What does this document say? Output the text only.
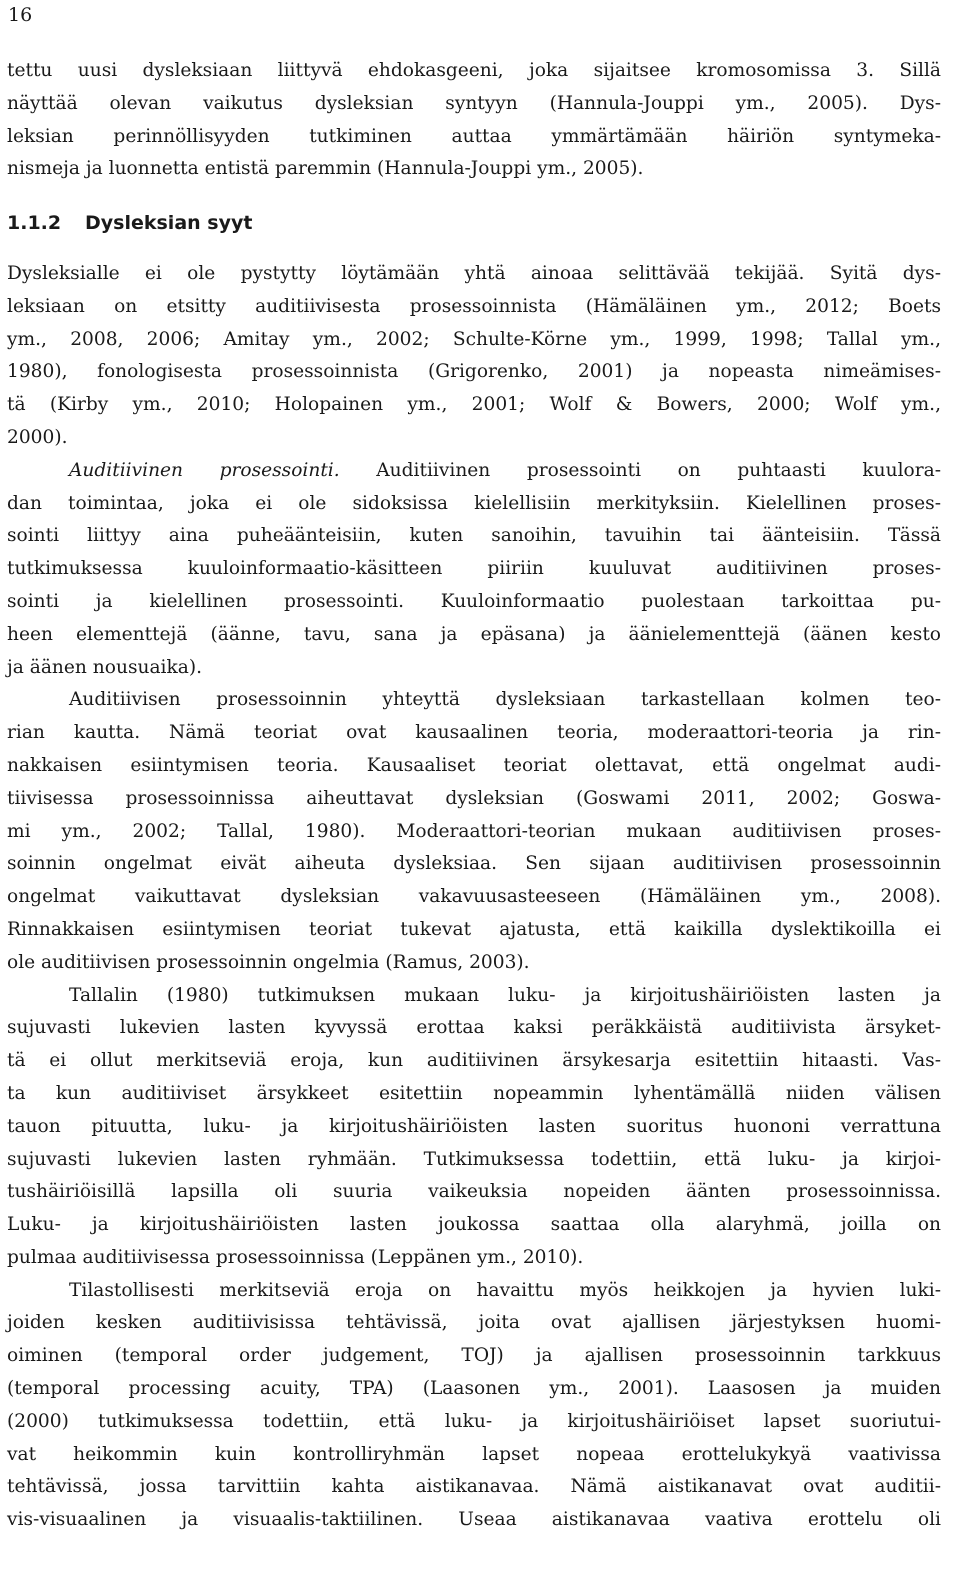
16

tettu uusi dysleksiaan liittyvä ehdokasgeeni, joka sijaitsee kromosomissa 3. Sillä
näyttää olevan vaikutus dysleksian syntyyn (Hannula-Jouppi ym., 2005). Dys-
leksian perinnöllisyyden tutkiminen auttaa ymmärtämään häiriön syntymeka-
nismeja ja luonnetta entistä paremmin (Hannula-Jouppi ym., 2005).
1.1.2 Dysleksian syyt
Dysleksialle ei ole pystytty löytämään yhtä ainoaa selittävää tekijää. Syitä dys-
leksiaan on etsitty auditiivisesta prosessoinnista (Hämäläinen ym., 2012; Boets
ym., 2008, 2006; Amitay ym., 2002; Schulte-Körne ym., 1999, 1998; Tallal ym.,
1980), fonologisesta prosessoinnista (Grigorenko, 2001) ja nopeasta nimeämises-
tä (Kirby ym., 2010; Holopainen ym., 2001; Wolf & Bowers, 2000; Wolf ym.,
2000).
Auditiivinen prosessointi. Auditiivinen prosessointi on puhtaasti kuulora-
dan toimintaa, joka ei ole sidoksissa kielellisiin merkityksiin. Kielellinen proses-
sointi liittyy aina puheäänteisiin, kuten sanoihin, tavuihin tai äänteisiin. Tässä
tutkimuksessa kuuloinformaatio-käsitteen piiriin kuuluvat auditiivinen proses-
sointi ja kielellinen prosessointi. Kuuloinformaatio puolestaan tarkoittaa pu-
heen elementtejä (äänne, tavu, sana ja epäsana) ja äänielementtejä (äänen kesto
ja äänen nousuaika).
Auditiivisen prosessoinnin yhteyttä dysleksiaan tarkastellaan kolmen teo-
rian kautta. Nämä teoriat ovat kausaalinen teoria, moderaattori-teoria ja rin-
nakkaisen esiintymisen teoria. Kausaaliset teoriat olettavat, että ongelmat audi-
tiivisessa prosessoinnissa aiheuttavat dysleksian (Goswami 2011, 2002; Goswa-
mi ym., 2002; Tallal, 1980). Moderaattori-teorian mukaan auditiivisen proses-
soinnin ongelmat eivät aiheuta dysleksiaa. Sen sijaan auditiivisen prosessoinnin
ongelmat vaikuttavat dysleksian vakavuusasteeseen (Hämäläinen ym., 2008).
Rinnakkaisen esiintymisen teoriat tukevat ajatusta, että kaikilla dyslektikoilla ei
ole auditiivisen prosessoinnin ongelmia (Ramus, 2003).
Tallalin (1980) tutkimuksen mukaan luku- ja kirjoitushäiriöisten lasten ja
sujuvasti lukevien lasten kyvyssä erottaa kaksi peräkkäistä auditiivista ärsyket-
tä ei ollut merkitseviä eroja, kun auditiivinen ärsykesarja esitettiin hitaasti. Vas-
ta kun auditiiviset ärsykkeet esitettiin nopeammin lyhentämällä niiden välisen
tauon pituutta, luku- ja kirjoitushäiriöisten lasten suoritus huononi verrattuna
sujuvasti lukevien lasten ryhmään. Tutkimuksessa todettiin, että luku- ja kirjoi-
tushäiriöisillä lapsilla oli suuria vaikeuksia nopeiden äänten prosessoinnissa.
Luku- ja kirjoitushäiriöisten lasten joukossa saattaa olla alaryhmä, joilla on
pulmaa auditiivisessa prosessoinnissa (Leppänen ym., 2010).
Tilastollisesti merkitseviä eroja on havaittu myös heikkojen ja hyvien luki-
joiden kesken auditiivisissa tehtävissä, joita ovat ajallisen järjestyksen huomi-
oiminen (temporal order judgement, TOJ) ja ajallisen prosessoinnin tarkkuus
(temporal processing acuity, TPA) (Laasonen ym., 2001). Laasosen ja muiden
(2000) tutkimuksessa todettiin, että luku- ja kirjoitushäiriöiset lapset suoriutui-
vat heikommin kuin kontrolliryhmän lapset nopeaa erottelukykyä vaativissa
tehtävissä, jossa tarvittiin kahta aistikanavaa. Nämä aistikanavat ovat auditii-
vis-visuaalinen ja visuaalis-taktiilinen. Useaa aistikanavaa vaativa erottelu oli
